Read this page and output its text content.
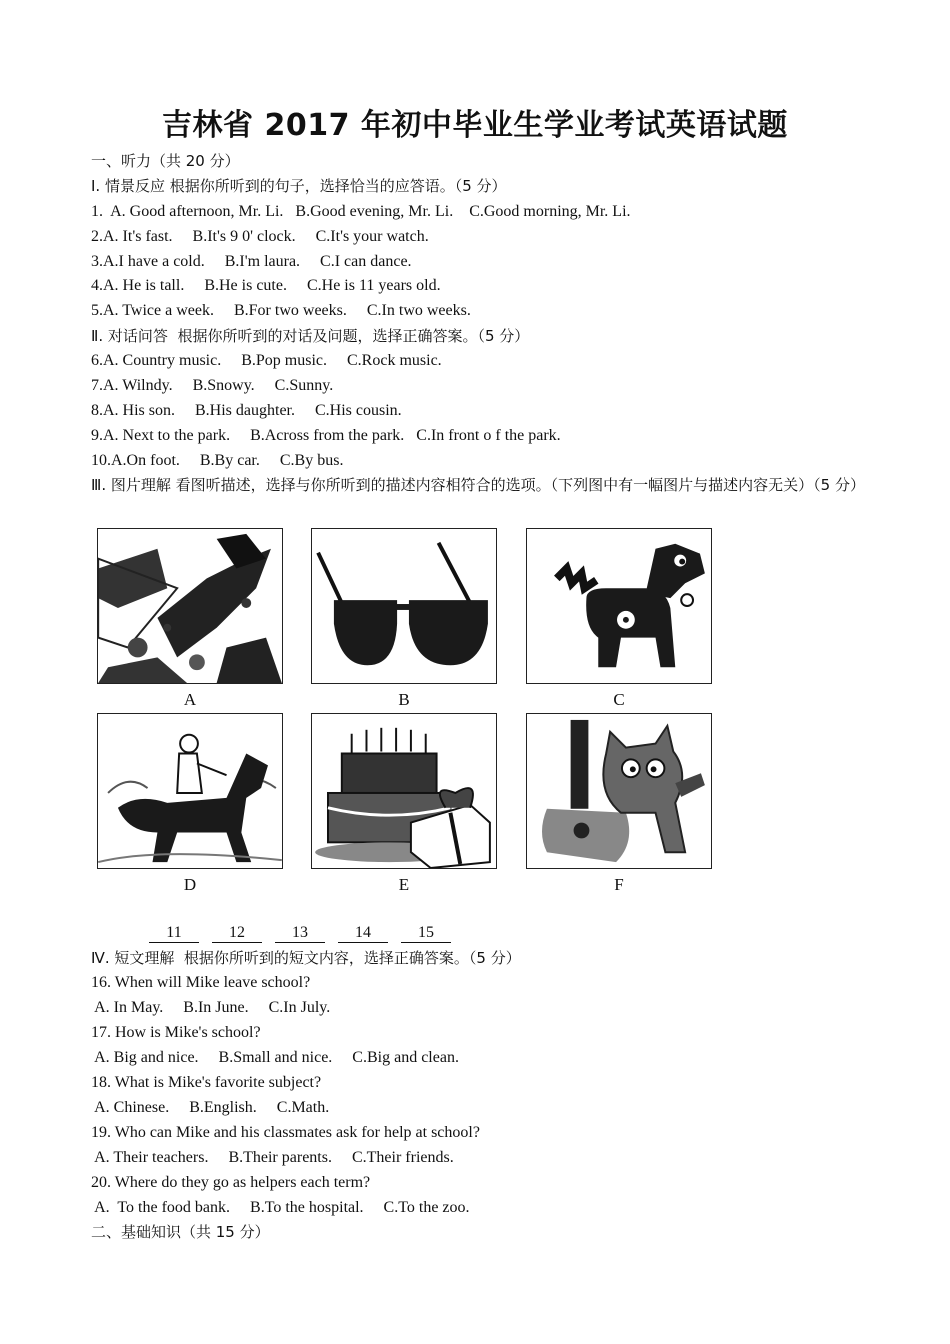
吉林省 2017 年初中毕业生学业考试英语试题
一、听力（共 20 分）
Ⅰ. 情景反应 根据你所听到的句子，选择恰当的应答语。（5 分）
1.  A. Good afternoon, Mr. Li.   B.Good evening, Mr. Li.    C.Good morning, Mr. Li.
2.A. It's fast.     B.It's 9 0' clock.     C.It's your watch.
3.A.I have a cold.     B.I'm laura.     C.I can dance.
4.A. He is tall.     B.He is cute.     C.He is 11 years old.
5.A. Twice a week.     B.For two weeks.     C.In two weeks.
Ⅱ. 对话问答  根据你所听到的对话及问题，选择正确答案。（5 分）
6.A. Country music.     B.Pop music.     C.Rock music.
7.A. Wilndy.     B.Snowy.     C.Sunny.
8.A. His son.     B.His daughter.     C.His cousin.
9.A. Next to the park.     B.Across from the park.   C.In front o f the park.
10.A.On foot.     B.By car.     C.By bus.
Ⅲ. 图片理解 看图听描述，选择与你所听到的描述内容相符合的选项。（下列图中有一幅图片与描述内容无关）（5 分）
A	B	C
D	E	F
11	12	13	14	15
Ⅳ. 短文理解  根据你所听到的短文内容，选择正确答案。（5 分）
16. When will Mike leave school?
A. In May.     B.In June.     C.In July.
17. How is Mike's school?
A. Big and nice.     B.Small and nice.     C.Big and clean.
18. What is Mike's favorite subject?
A. Chinese.     B.English.     C.Math.
19. Who can Mike and his classmates ask for help at school?
A. Their teachers.     B.Their parents.     C.Their friends.
20. Where do they go as helpers each term?
A.  To the food bank.     B.To the hospital.     C.To the zoo.
二、基础知识（共 15 分）
